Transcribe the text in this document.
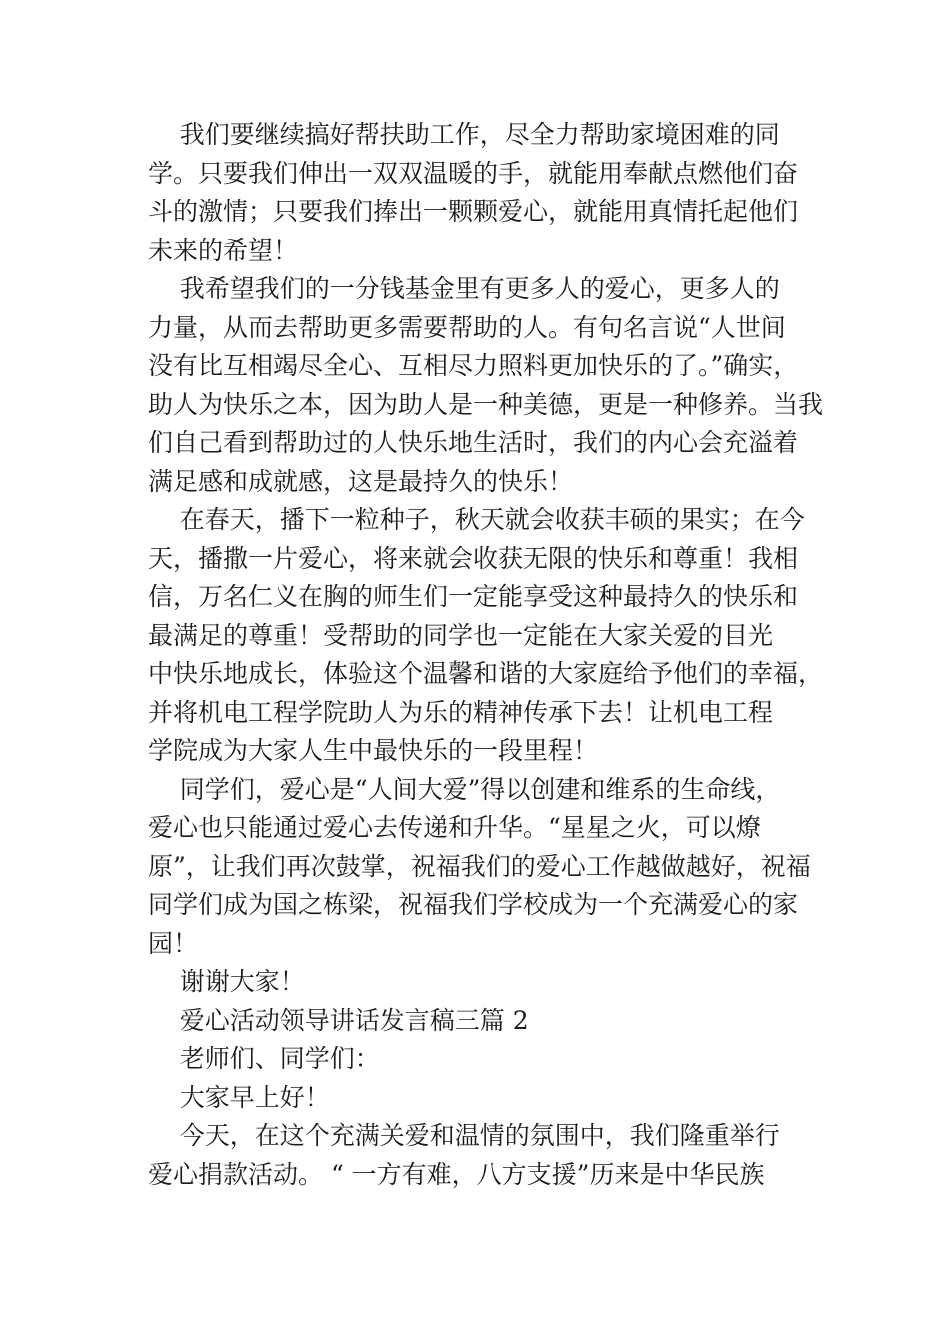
我们要继续搞好帮扶助工作，尽全力帮助家境困难的同
学。只要我们伸出一双双温暖的手，就能用奉献点燃他们奋
斗的激情；只要我们捧出一颗颗爱心，就能用真情托起他们
未来的希望！
我希望我们的一分钱基金里有更多人的爱心，更多人的
力量，从而去帮助更多需要帮助的人。有句名言说“人世间
没有比互相竭尽全心、互相尽力照料更加快乐的了。”确实，
助人为快乐之本，因为助人是一种美德，更是一种修养。当我
们自己看到帮助过的人快乐地生活时，我们的内心会充溢着
满足感和成就感，这是最持久的快乐！
在春天，播下一粒种子，秋天就会收获丰硕的果实；在今
天，播撒一片爱心，将来就会收获无限的快乐和尊重！我相
信，万名仁义在胸的师生们一定能享受这种最持久的快乐和
最满足的尊重！受帮助的同学也一定能在大家关爱的目光
中快乐地成长，体验这个温馨和谐的大家庭给予他们的幸福，
并将机电工程学院助人为乐的精神传承下去！让机电工程
学院成为大家人生中最快乐的一段里程！
同学们，爱心是“人间大爱”得以创建和维系的生命线，
爱心也只能通过爱心去传递和升华。“星星之火，可以燎
原”，让我们再次鼓掌，祝福我们的爱心工作越做越好，祝福
同学们成为国之栋梁，祝福我们学校成为一个充满爱心的家
园！
谢谢大家！
爱心活动领导讲话发言稿三篇 2
老师们、同学们：
大家早上好！
今天，在这个充满关爱和温情的氛围中，我们隆重举行
爱心捐款活动。 “ 一方有难，八方支援”历来是中华民族
